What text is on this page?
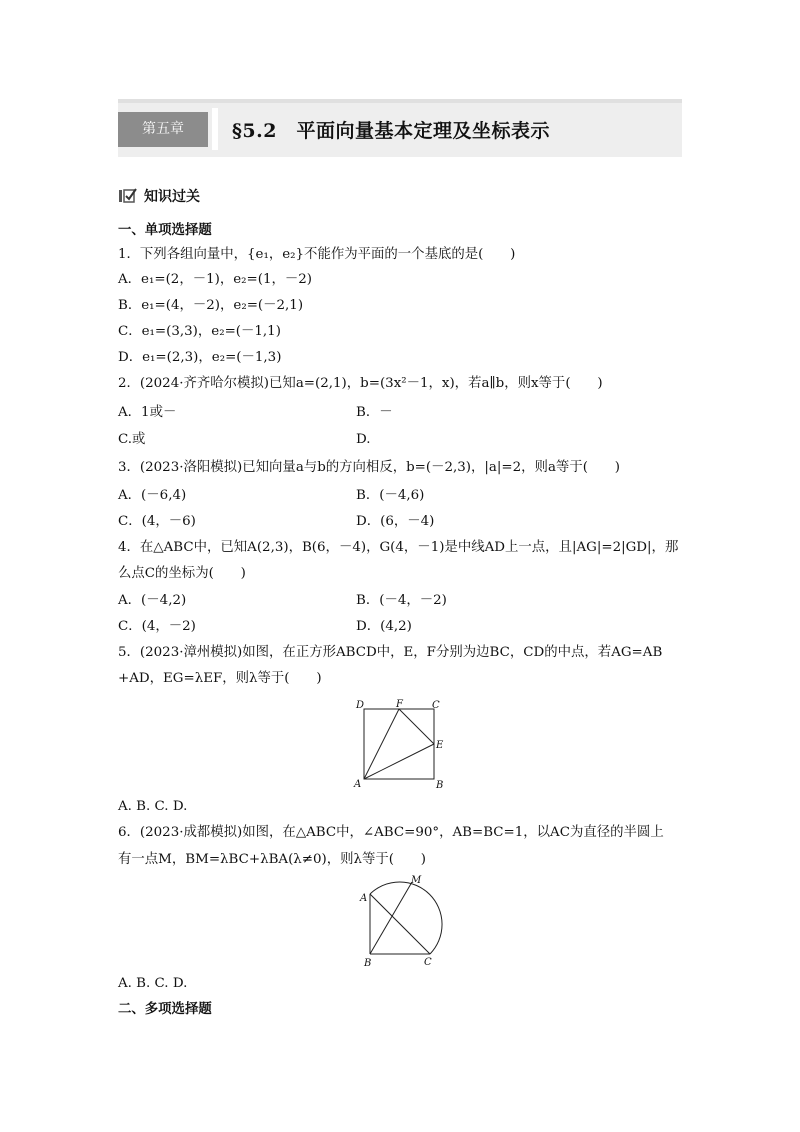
第五章	§5.2　平面向量基本定理及坐标表示
知识过关
一、单项选择题
1．下列各组向量中，{e₁，e₂}不能作为平面的一个基底的是(　　)
A．e₁=(2，－1)，e₂=(1，－2)
B．e₁=(4，－2)，e₂=(－2,1)
C．e₁=(3,3)，e₂=(－1,1)
D．e₁=(2,3)，e₂=(－1,3)
2．(2024·齐齐哈尔模拟)已知a=(2,1)，b=(3x²－1，x)，若a∥b，则x等于(　　)
A．1或－	B．－
C.或	D.
3．(2023·洛阳模拟)已知向量a与b的方向相反，b=(－2,3)，|a|=2，则a等于(　　)
A．(－6,4)	B．(－4,6)
C．(4，－6)	D．(6，－4)
4．在△ABC中，已知A(2,3)，B(6，－4)，G(4，－1)是中线AD上一点，且|AG|=2|GD|，那
么点C的坐标为(　　)
A．(－4,2)	B．(－4，－2)
C．(4，－2)	D．(4,2)
5．(2023·漳州模拟)如图，在正方形ABCD中，E，F分别为边BC，CD的中点，若AG=AB
+AD，EG=λEF，则λ等于(　　)
D	F	C
E
A	B
A. B. C. D.
6．(2023·成都模拟)如图，在△ABC中，∠ABC=90°，AB=BC=1，以AC为直径的半圆上
有一点M，BM=λBC+λBA(λ≠0)，则λ等于(　　)
A
M
B	C
A. B. C. D.
二、多项选择题
